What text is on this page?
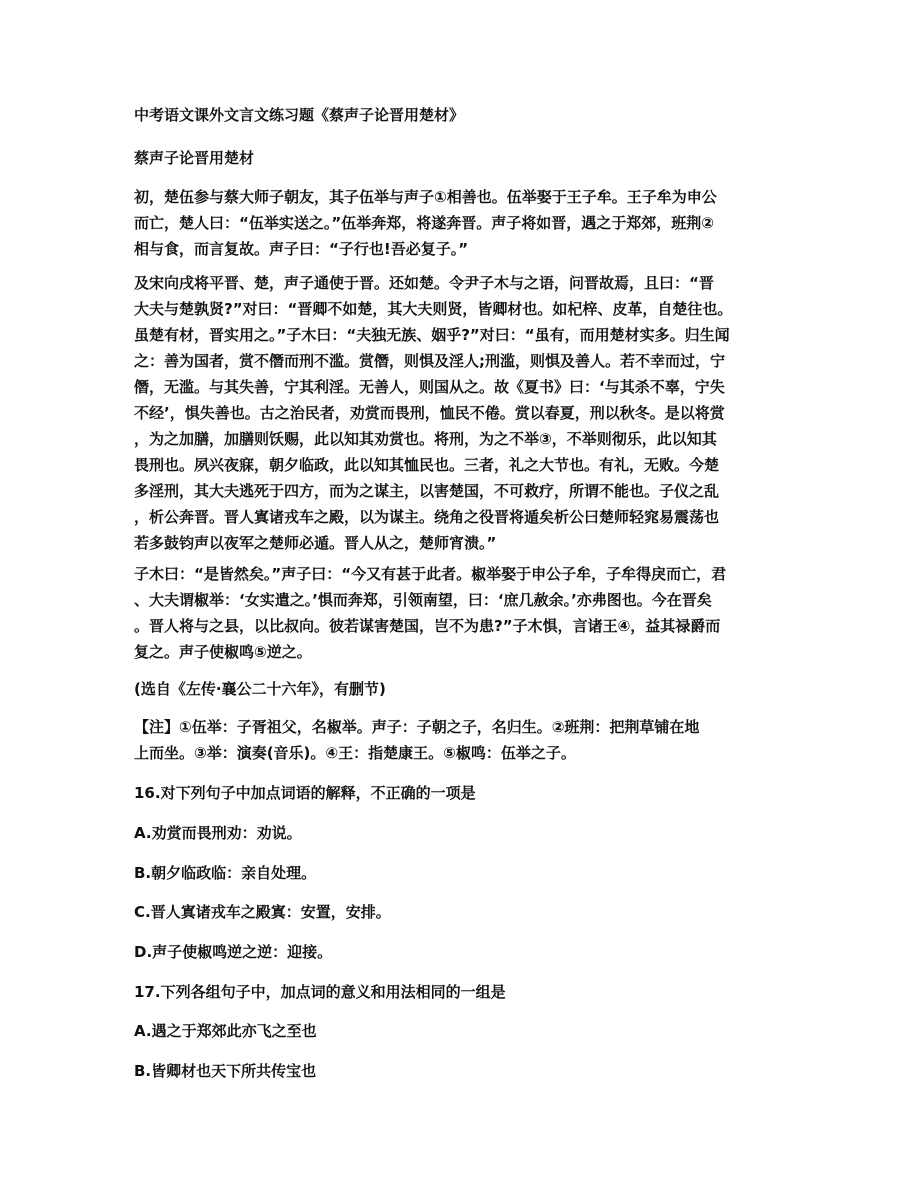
中考语文课外文言文练习题《蔡声子论晋用楚材》
蔡声子论晋用楚材
初，楚伍参与蔡大师子朝友，其子伍举与声子①相善也。伍举娶于王子牟。王子牟为申公
而亡，楚人曰：“伍举实送之。”伍举奔郑，将遂奔晋。声子将如晋，遇之于郑郊，班荆②
相与食，而言复故。声子曰：“子行也!吾必复子。”
及宋向戌将平晋、楚，声子通使于晋。还如楚。令尹子木与之语，问晋故焉，且曰：“晋
大夫与楚孰贤?”对曰：“晋卿不如楚，其大夫则贤，皆卿材也。如杞梓、皮革，自楚往也。
虽楚有材，晋实用之。”子木曰：“夫独无族、姻乎?”对曰：“虽有，而用楚材实多。归生闻
之：善为国者，赏不僭而刑不滥。赏僭，则惧及淫人;刑滥，则惧及善人。若不幸而过，宁
僭，无滥。与其失善，宁其利淫。无善人，则国从之。故《夏书》曰：‘与其杀不辜，宁失
不经’，惧失善也。古之治民者，劝赏而畏刑，恤民不倦。赏以春夏，刑以秋冬。是以将赏
，为之加膳，加膳则饫赐，此以知其劝赏也。将刑，为之不举③，不举则彻乐，此以知其
畏刑也。夙兴夜寐，朝夕临政，此以知其恤民也。三者，礼之大节也。有礼，无败。今楚
多淫刑，其大夫逃死于四方，而为之谋主，以害楚国，不可救疗，所谓不能也。子仪之乱
，析公奔晋。晋人寘诸戎车之殿，以为谋主。绕角之役晋将遁矣析公曰楚师轻窕易震荡也
若多鼓钧声以夜军之楚师必遁。晋人从之，楚师宵溃。”
子木曰：“是皆然矣。”声子曰：“今又有甚于此者。椒举娶于申公子牟，子牟得戾而亡，君
、大夫谓椒举：‘女实遣之。’惧而奔郑，引领南望，曰：‘庶几赦余。’亦弗图也。今在晋矣
。晋人将与之县，以比叔向。彼若谋害楚国，岂不为患?”子木惧，言诸王④，益其禄爵而
复之。声子使椒鸣⑤逆之。
(选自《左传·襄公二十六年》，有删节)
【注】①伍举：子胥祖父，名椒举。声子：子朝之子，名归生。②班荆：把荆草铺在地
上而坐。③举：演奏(音乐)。④王：指楚康王。⑤椒鸣：伍举之子。
16.对下列句子中加点词语的解释，不正确的一项是
A.劝赏而畏刑劝：劝说。
B.朝夕临政临：亲自处理。
C.晋人寘诸戎车之殿寘：安置，安排。
D.声子使椒鸣逆之逆：迎接。
17.下列各组句子中，加点词的意义和用法相同的一组是
A.遇之于郑郊此亦飞之至也
B.皆卿材也天下所共传宝也
